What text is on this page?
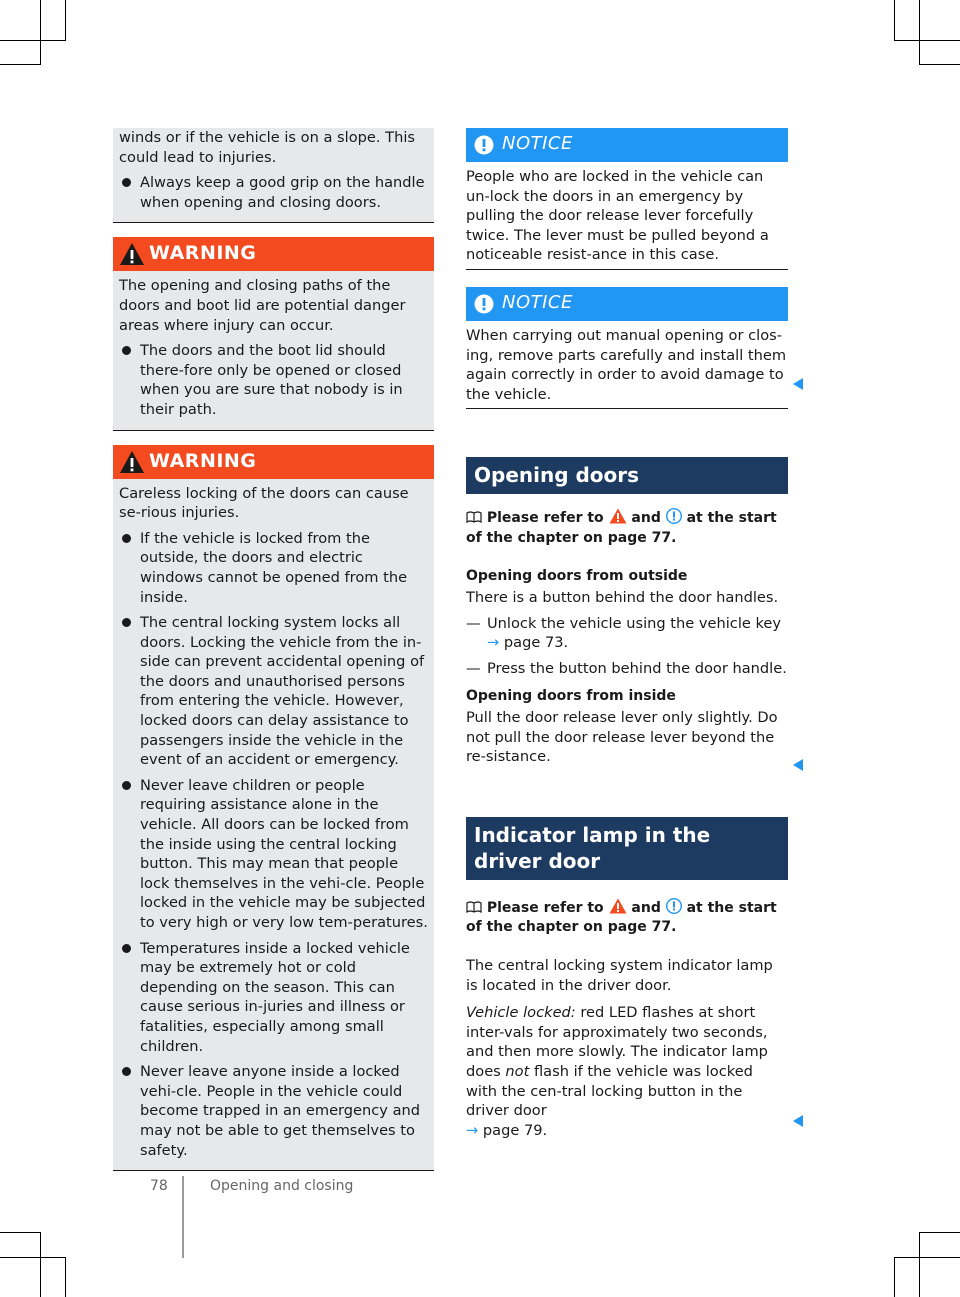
winds or if the vehicle is on a slope. This could lead to injuries.

Always keep a good grip on the handle when opening and closing doors.
WARNING

The opening and closing paths of the doors and boot lid are potential danger areas where injury can occur.

The doors and the boot lid should there-fore only be opened or closed when you are sure that nobody is in their path.
WARNING

Careless locking of the doors can cause se-rious injuries.

If the vehicle is locked from the outside, the doors and electric windows cannot be opened from the inside.
The central locking system locks all doors. Locking the vehicle from the in-side can prevent accidental opening of the doors and unauthorised persons from entering the vehicle. However, locked doors can delay assistance to passengers inside the vehicle in the event of an accident or emergency.
Never leave children or people requiring assistance alone in the vehicle. All doors can be locked from the inside using the central locking button. This may mean that people lock themselves in the vehi-cle. People locked in the vehicle may be subjected to very high or very low tem-peratures.
Temperatures inside a locked vehicle may be extremely hot or cold depending on the season. This can cause serious in-juries and illness or fatalities, especially among small children.
Never leave anyone inside a locked vehi-cle. People in the vehicle could become trapped in an emergency and may not be able to get themselves to safety.
NOTICE

People who are locked in the vehicle can un-lock the doors in an emergency by pulling the door release lever forcefully twice. The lever must be pulled beyond a noticeable resist-ance in this case.

NOTICE

When carrying out manual opening or clos-ing, remove parts carefully and install them again correctly in order to avoid damage to the vehicle.

Opening doors
Please refer to and at the start of the chapter on page 77.
Opening doors from outside

There is a button behind the door handles.

— Unlock the vehicle using the vehicle key
→ page 73.
— Press the button behind the door handle.
Opening doors from inside

Pull the door release lever only slightly. Do not pull the door release lever beyond the re-sistance.

Indicator lamp in the driver door
Please refer to and at the start of the chapter on page 77.

The central locking system indicator lamp is located in the driver door.

Vehicle locked: red LED flashes at short inter-vals for approximately two seconds, and then more slowly. The indicator lamp does not flash if the vehicle was locked with the cen-tral locking button in the driver door
→ page 79.

78	Opening and closing
